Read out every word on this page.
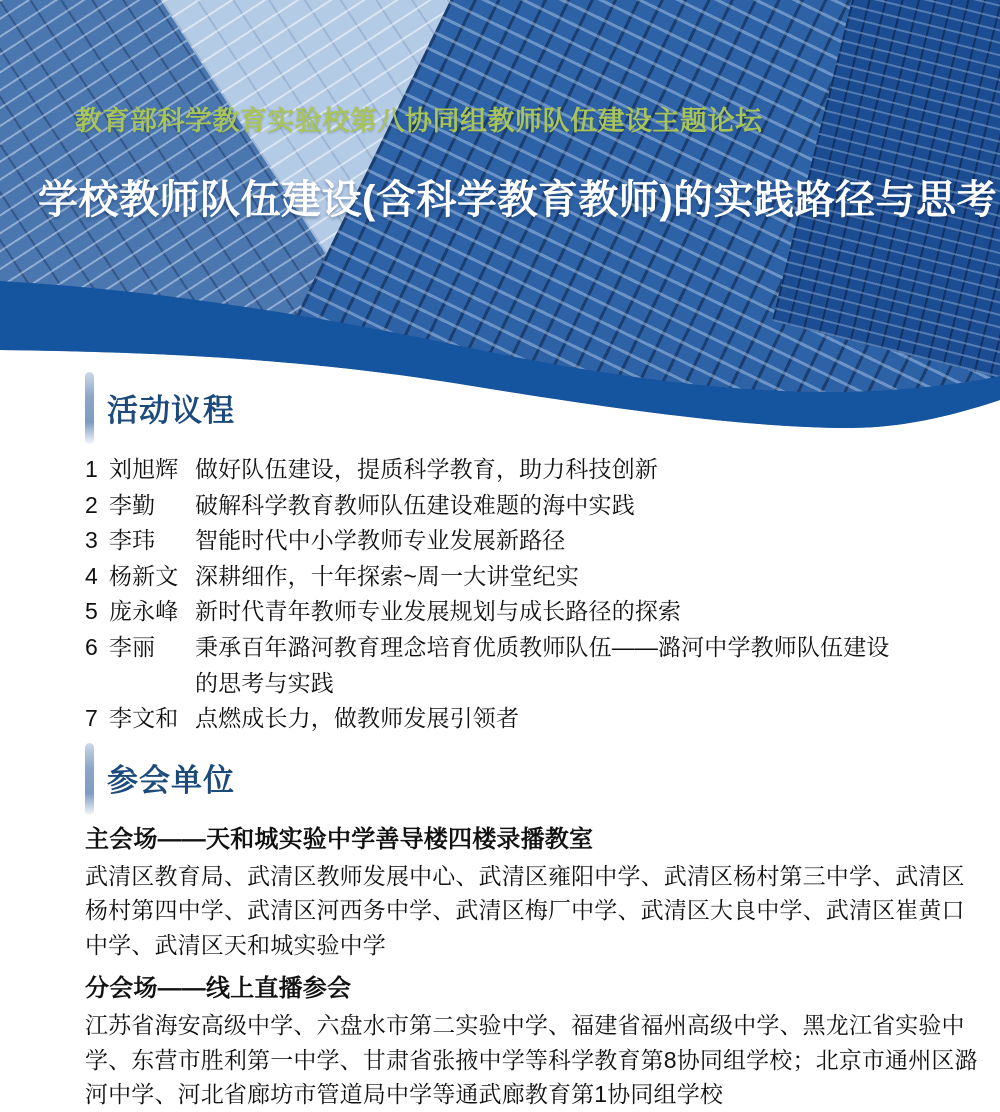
教育部科学教育实验校第八协同组教师队伍建设主题论坛
学校教师队伍建设(含科学教育教师)的实践路径与思考
活动议程
1 刘旭辉 做好队伍建设，提质科学教育，助力科技创新
2 李勤	破解科学教育教师队伍建设难题的海中实践
3 李玮	智能时代中小学教师专业发展新路径
4 杨新文 深耕细作，十年探索~周一大讲堂纪实
5 庞永峰 新时代青年教师专业发展规划与成长路径的探索
6 李丽	秉承百年潞河教育理念培育优质教师队伍——潞河中学教师队伍建设的思考与实践
7 李文和 点燃成长力，做教师发展引领者
参会单位
主会场——天和城实验中学善导楼四楼录播教室
武清区教育局、武清区教师发展中心、武清区雍阳中学、武清区杨村第三中学、武清区杨村第四中学、武清区河西务中学、武清区梅厂中学、武清区大良中学、武清区崔黄口中学、武清区天和城实验中学
分会场——线上直播参会
江苏省海安高级中学、六盘水市第二实验中学、福建省福州高级中学、黑龙江省实验中学、东营市胜利第一中学、甘肃省张掖中学等科学教育第8协同组学校；北京市通州区潞河中学、河北省廊坊市管道局中学等通武廊教育第1协同组学校
